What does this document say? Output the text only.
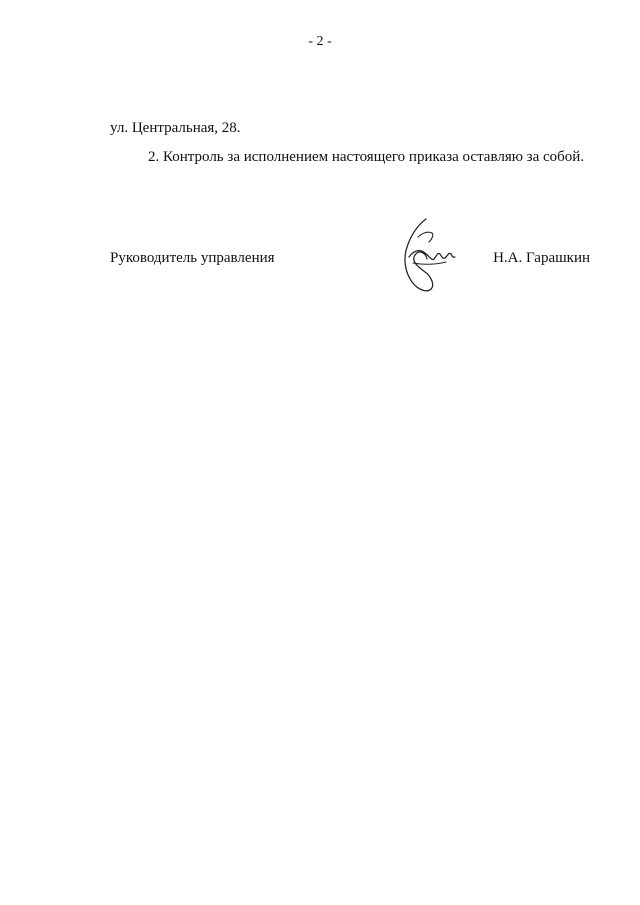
- 2 -
ул. Центральная, 28.
2. Контроль за исполнением настоящего приказа оставляю за собой.
Руководитель управления	Н.А. Гарашкин
